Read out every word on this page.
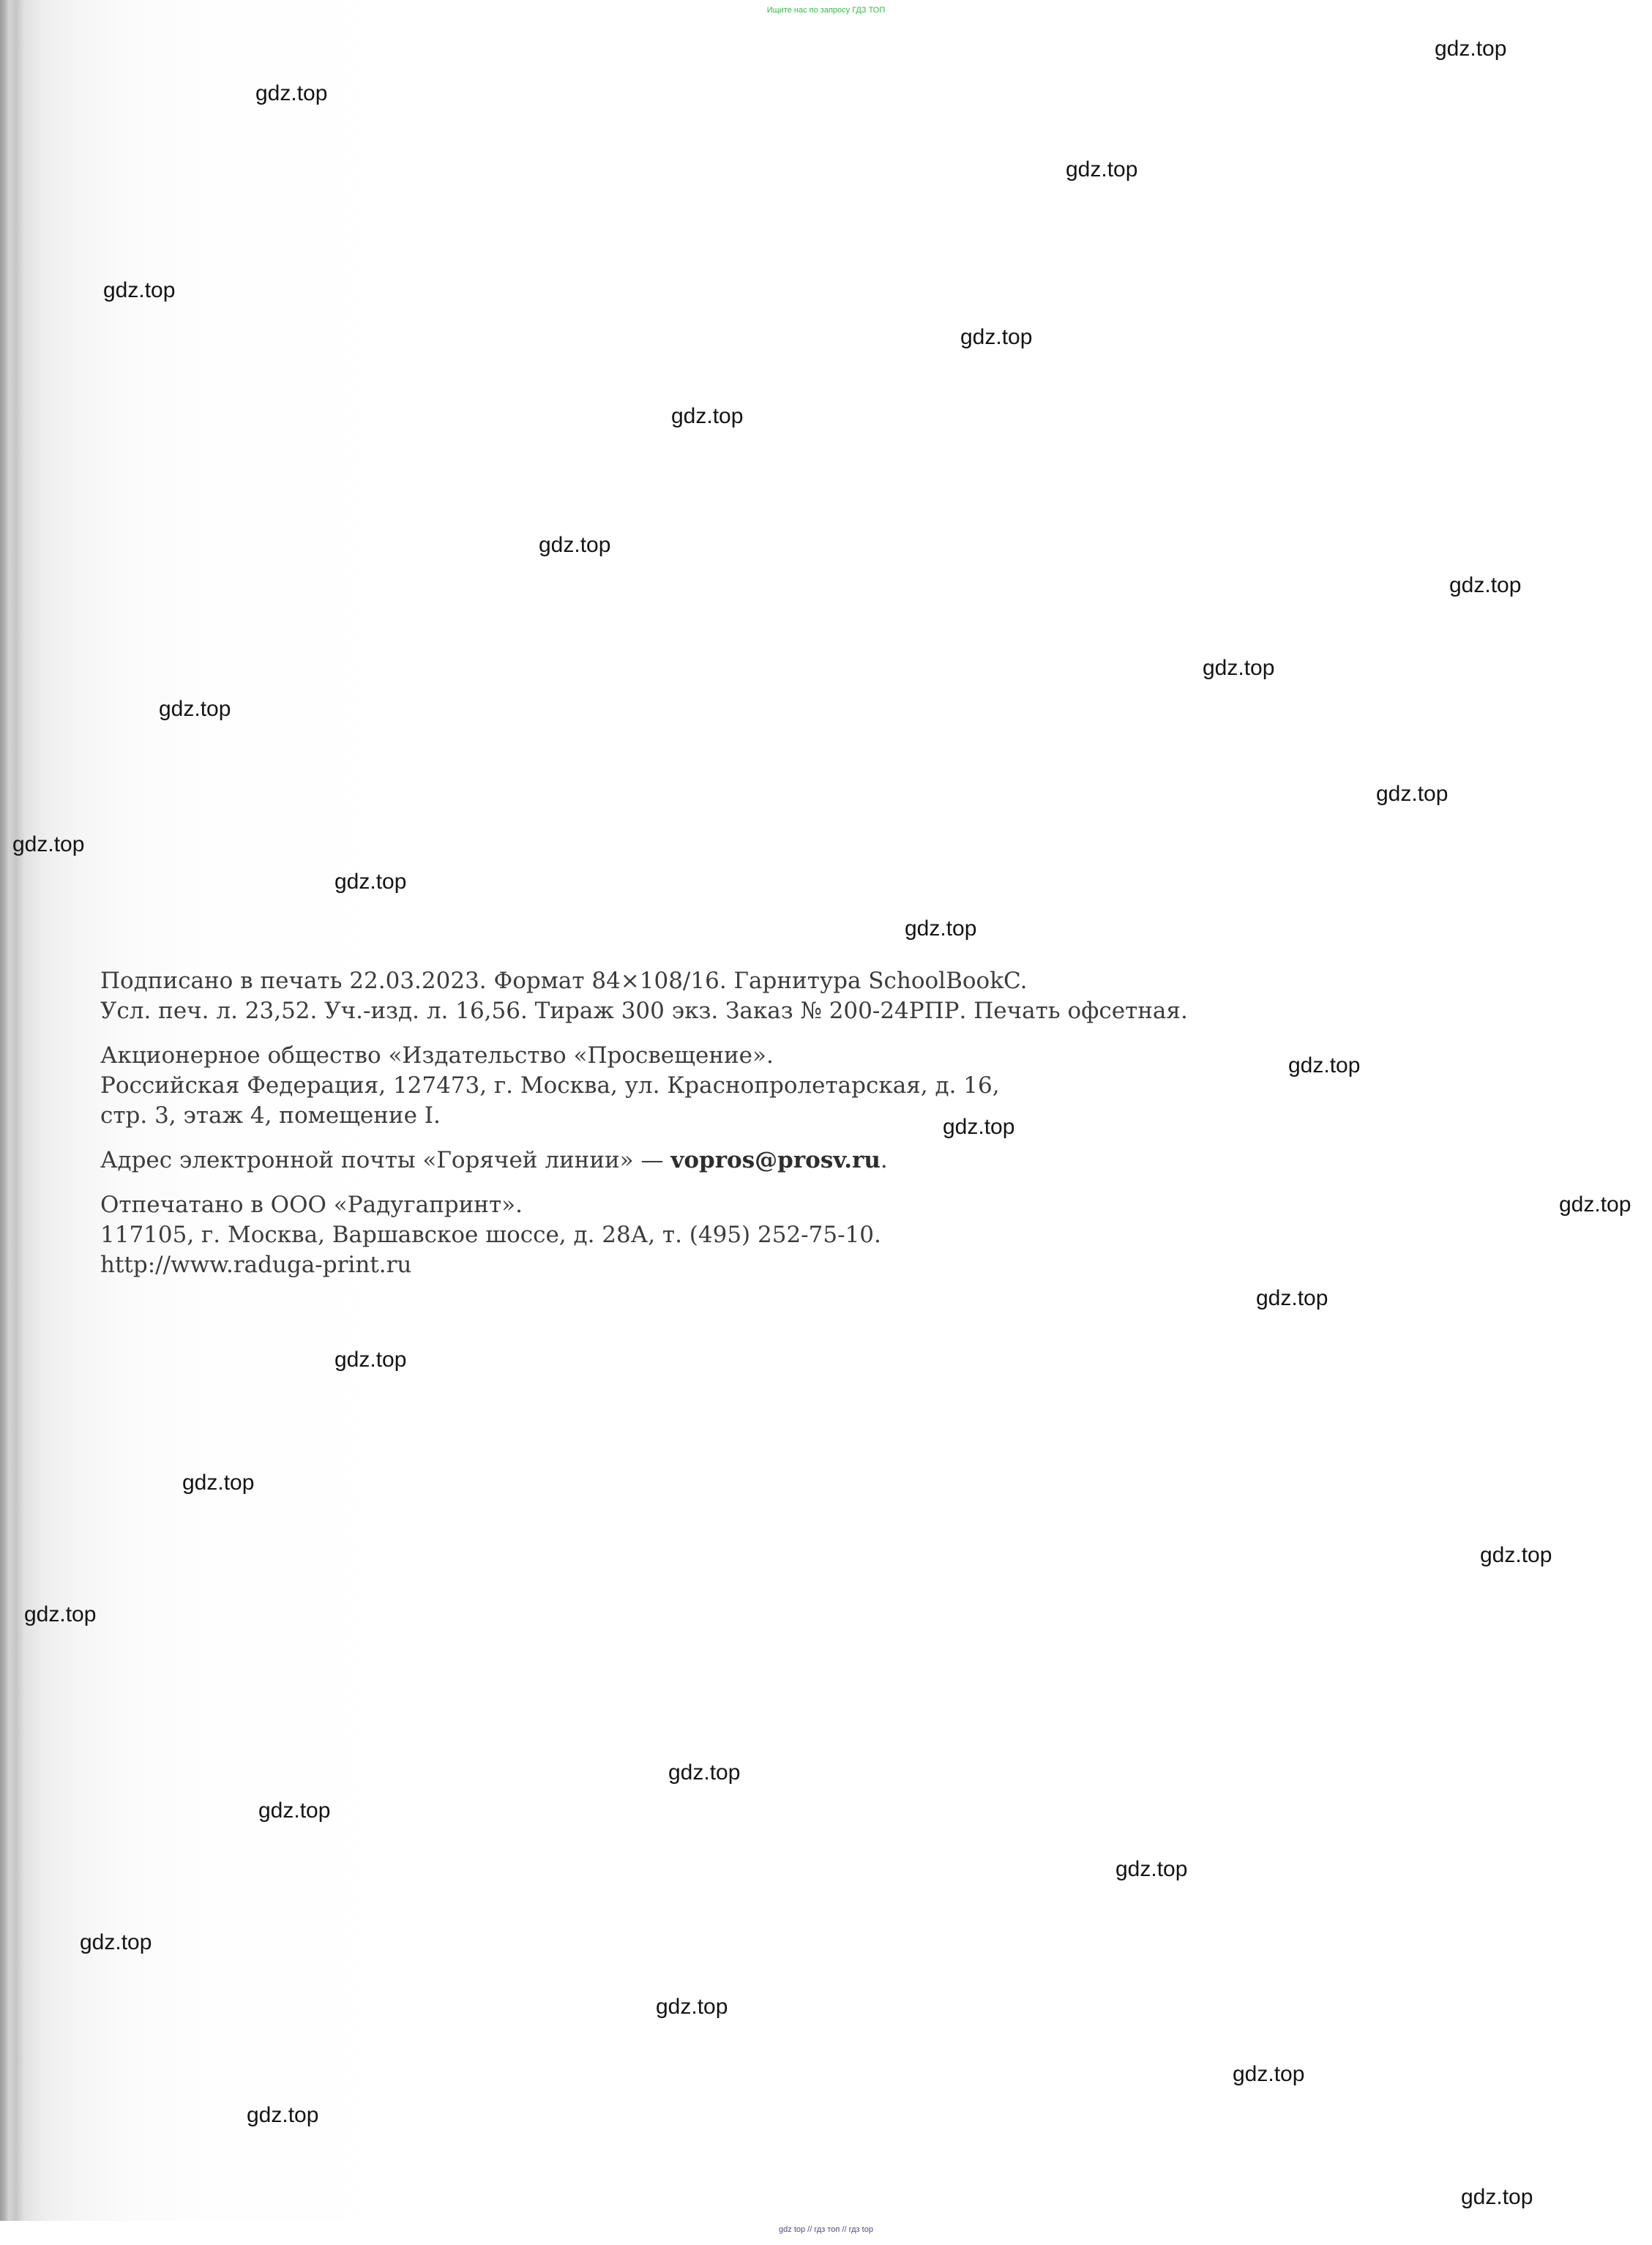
Ищите нас по запросу ГДЗ ТОП
gdz.top
gdz.top
gdz.top
gdz.top
gdz.top
gdz.top
gdz.top
gdz.top
gdz.top
gdz.top
gdz.top
gdz.top
gdz.top
gdz.top
gdz.top
gdz.top
gdz.top
gdz.top
gdz.top
gdz.top
gdz.top
gdz.top
gdz.top
gdz.top
gdz.top
gdz.top
gdz.top
gdz.top
gdz.top
gdz.top
Подписано в печать 22.03.2023. Формат 84×108/16. Гарнитура SchoolBookC.
Усл. печ. л. 23,52. Уч.-изд. л. 16,56. Тираж 300 экз. Заказ № 200-24РПР. Печать офсетная.
Акционерное общество «Издательство «Просвещение».
Российская Федерация, 127473, г. Москва, ул. Краснопролетарская, д. 16,
стр. 3, этаж 4, помещение I.
Адрес электронной почты «Горячей линии» — vopros@prosv.ru.
Отпечатано в ООО «Радугапринт».
117105, г. Москва, Варшавское шоссе, д. 28А, т. (495) 252-75-10.
http://www.raduga-print.ru
gdz top // гдз топ // гдз top
